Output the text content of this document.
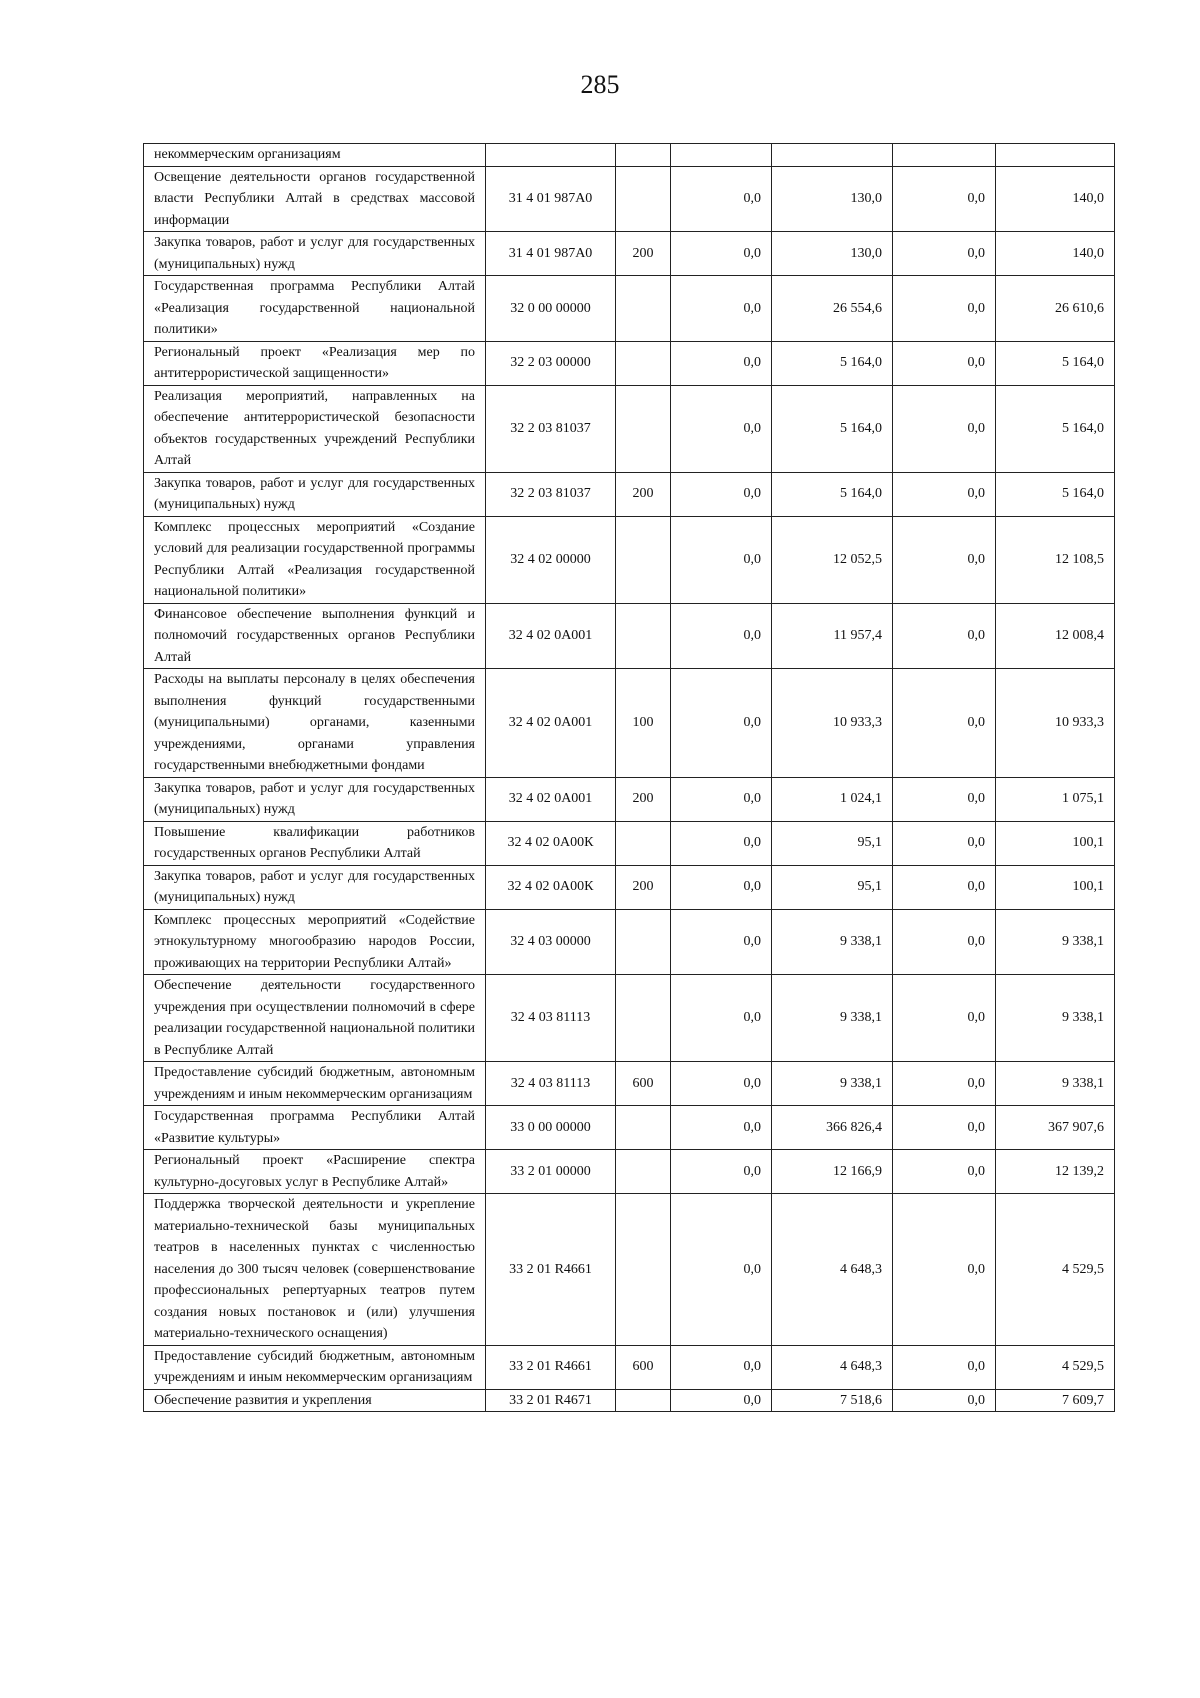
285
некоммерческим организациям						
Освещение деятельности органов государственной власти Республики Алтай в средствах массовой информации	31 4 01 987А0		0,0	130,0	0,0	140,0
Закупка товаров, работ и услуг для государственных (муниципальных) нужд	31 4 01 987А0	200	0,0	130,0	0,0	140,0
Государственная программа Республики Алтай «Реализация государственной национальной политики»	32 0 00 00000		0,0	26 554,6	0,0	26 610,6
Региональный проект «Реализация мер по антитеррористической защищенности»	32 2 03 00000		0,0	5 164,0	0,0	5 164,0
Реализация мероприятий, направленных на обеспечение антитеррористической безопасности объектов государственных учреждений Республики Алтай	32 2 03 81037		0,0	5 164,0	0,0	5 164,0
Закупка товаров, работ и услуг для государственных (муниципальных) нужд	32 2 03 81037	200	0,0	5 164,0	0,0	5 164,0
Комплекс процессных мероприятий «Создание условий для реализации государственной программы Республики Алтай «Реализация государственной национальной политики»	32 4 02 00000		0,0	12 052,5	0,0	12 108,5
Финансовое обеспечение выполнения функций и полномочий государственных органов Республики Алтай	32 4 02 0А001		0,0	11 957,4	0,0	12 008,4
Расходы на выплаты персоналу в целях обеспечения выполнения функций государственными (муниципальными) органами, казенными учреждениями, органами управления государственными внебюджетными фондами	32 4 02 0А001	100	0,0	10 933,3	0,0	10 933,3
Закупка товаров, работ и услуг для государственных (муниципальных) нужд	32 4 02 0А001	200	0,0	1 024,1	0,0	1 075,1
Повышение квалификации работников государственных органов Республики Алтай	32 4 02 0А00К		0,0	95,1	0,0	100,1
Закупка товаров, работ и услуг для государственных (муниципальных) нужд	32 4 02 0А00К	200	0,0	95,1	0,0	100,1
Комплекс процессных мероприятий «Содействие этнокультурному многообразию народов России, проживающих на территории Республики Алтай»	32 4 03 00000		0,0	9 338,1	0,0	9 338,1
Обеспечение деятельности государственного учреждения при осуществлении полномочий в сфере реализации государственной национальной политики в Республике Алтай	32 4 03 81113		0,0	9 338,1	0,0	9 338,1
Предоставление субсидий бюджетным, автономным учреждениям и иным некоммерческим организациям	32 4 03 81113	600	0,0	9 338,1	0,0	9 338,1
Государственная программа Республики Алтай «Развитие культуры»	33 0 00 00000		0,0	366 826,4	0,0	367 907,6
Региональный проект «Расширение спектра культурно-досуговых услуг в Республике Алтай»	33 2 01 00000		0,0	12 166,9	0,0	12 139,2
Поддержка творческой деятельности и укрепление материально-технической базы муниципальных театров в населенных пунктах с численностью населения до 300 тысяч человек (совершенствование профессиональных репертуарных театров путем создания новых постановок и (или) улучшения материально-технического оснащения)	33 2 01 R4661		0,0	4 648,3	0,0	4 529,5
Предоставление субсидий бюджетным, автономным учреждениям и иным некоммерческим организациям	33 2 01 R4661	600	0,0	4 648,3	0,0	4 529,5
Обеспечение развития и укрепления	33 2 01 R4671		0,0	7 518,6	0,0	7 609,7
